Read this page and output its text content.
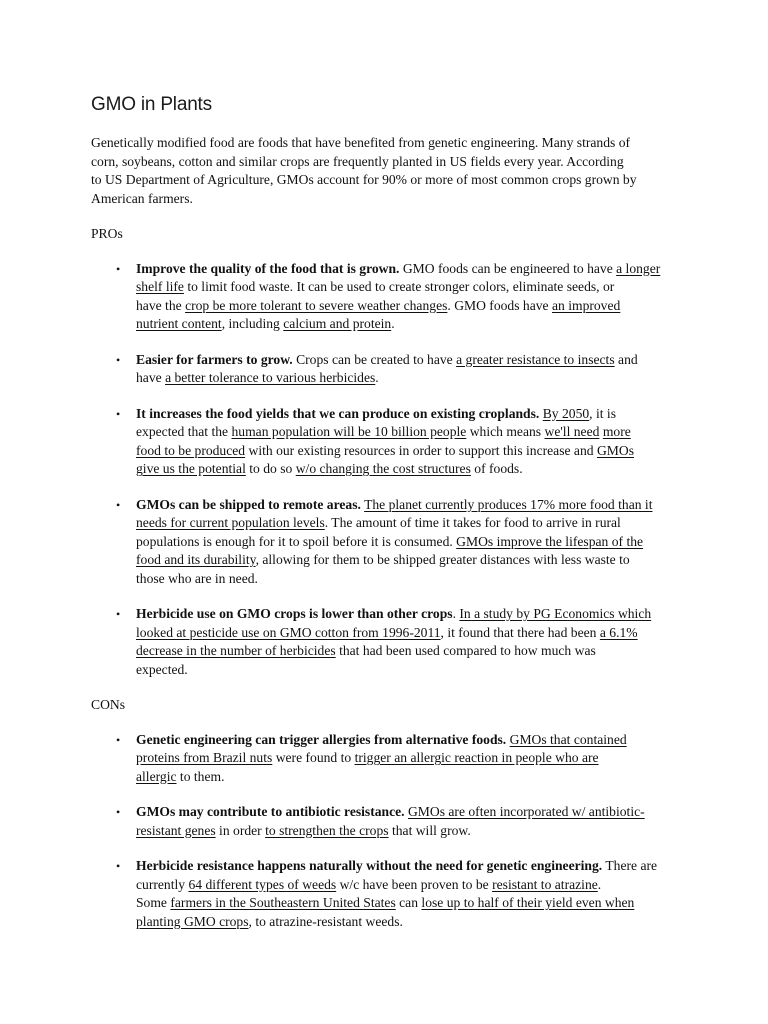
GMO in Plants

Genetically modified food are foods that have benefited from genetic engineering. Many strands of
corn, soybeans, cotton and similar crops are frequently planted in US fields every year. According
to US Department of Agriculture, GMOs account for 90% or more of most common crops grown by
American farmers.

PROs
• Improve the quality of the food that is grown. GMO foods can be engineered to have a longer
shelf life to limit food waste. It can be used to create stronger colors, eliminate seeds, or
have the crop be more tolerant to severe weather changes. GMO foods have an improved
nutrient content, including calcium and protein.
• Easier for farmers to grow. Crops can be created to have a greater resistance to insects and
have a better tolerance to various herbicides.
• It increases the food yields that we can produce on existing croplands. By 2050, it is
expected that the human population will be 10 billion people which means we'll need more
food to be produced with our existing resources in order to support this increase and GMOs
give us the potential to do so w/o changing the cost structures of foods.
• GMOs can be shipped to remote areas. The planet currently produces 17% more food than it
needs for current population levels. The amount of time it takes for food to arrive in rural
populations is enough for it to spoil before it is consumed. GMOs improve the lifespan of the
food and its durability, allowing for them to be shipped greater distances with less waste to
those who are in need.
• Herbicide use on GMO crops is lower than other crops. In a study by PG Economics which
looked at pesticide use on GMO cotton from 1996-2011, it found that there had been a 6.1%
decrease in the number of herbicides that had been used compared to how much was
expected.
CONs
• Genetic engineering can trigger allergies from alternative foods. GMOs that contained
proteins from Brazil nuts were found to trigger an allergic reaction in people who are
allergic to them.
• GMOs may contribute to antibiotic resistance. GMOs are often incorporated w/ antibiotic-
resistant genes in order to strengthen the crops that will grow.
• Herbicide resistance happens naturally without the need for genetic engineering. There are
currently 64 different types of weeds w/c have been proven to be resistant to atrazine.
Some farmers in the Southeastern United States can lose up to half of their yield even when
planting GMO crops, to atrazine-resistant weeds.
